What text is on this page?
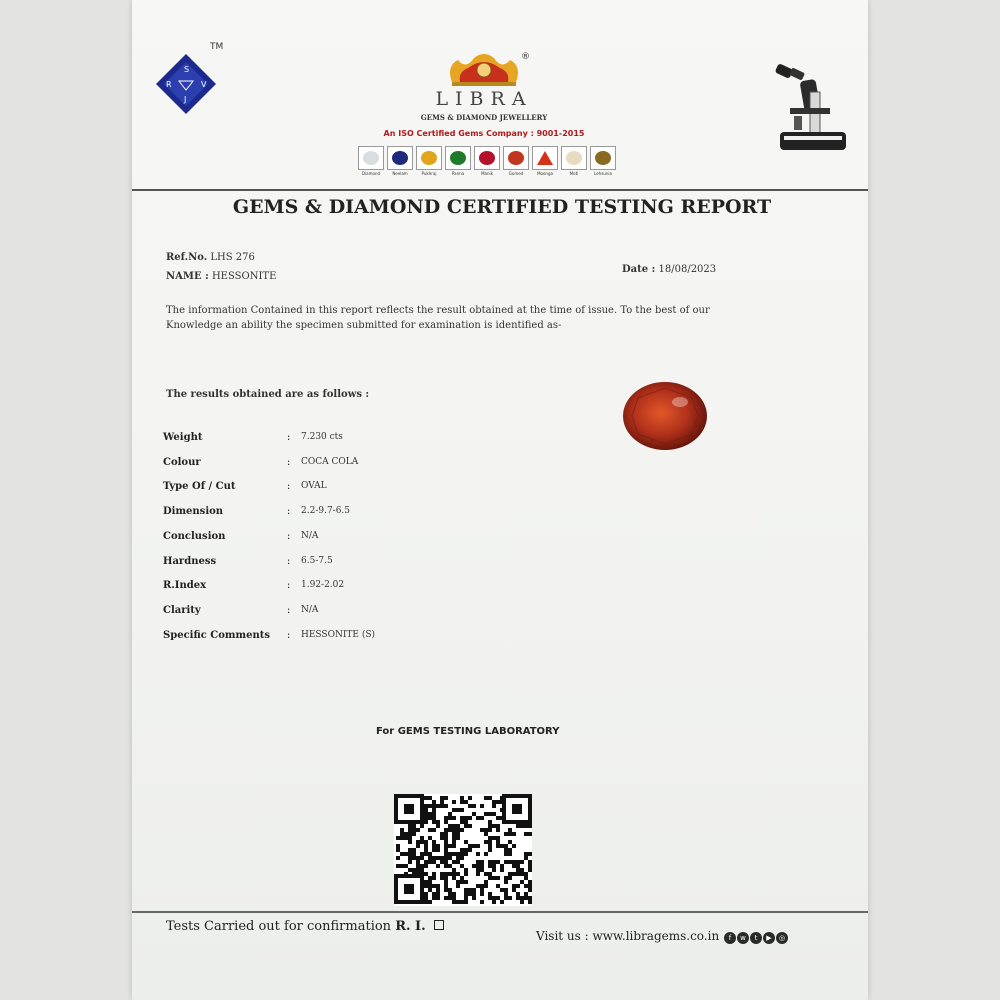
S
R	V
J
TM
®
LIBRA
GEMS & DIAMOND JEWELLERY
An ISO Certified Gems Company : 9001-2015
Diamond	Neelam	Pukhraj	Panna	Manik	Gomed	Moonga	Moti	Lehsunia
GEMS & DIAMOND CERTIFIED TESTING REPORT
Ref.No. LHS 276
NAME : HESSONITE
Date : 18/08/2023
The information Contained in this report reflects the result obtained at the time of issue. To the best of our
Knowledge an ability the specimen submitted for examination is identified as-
The results obtained are as follows :
Weight	: 7.230 cts
Colour	: COCA COLA
Type Of / Cut	: OVAL
Dimension	: 2.2-9.7-6.5
Conclusion	: N/A
Hardness	: 6.5-7.5
R.Index	: 1.92-2.02
Clarity	: N/A
Specific Comments : HESSONITE (S)
For GEMS TESTING LABORATORY
Tests Carried out for confirmation R. I.
Visit us : www.libragems.co.in	f	w	t	▶	◎
